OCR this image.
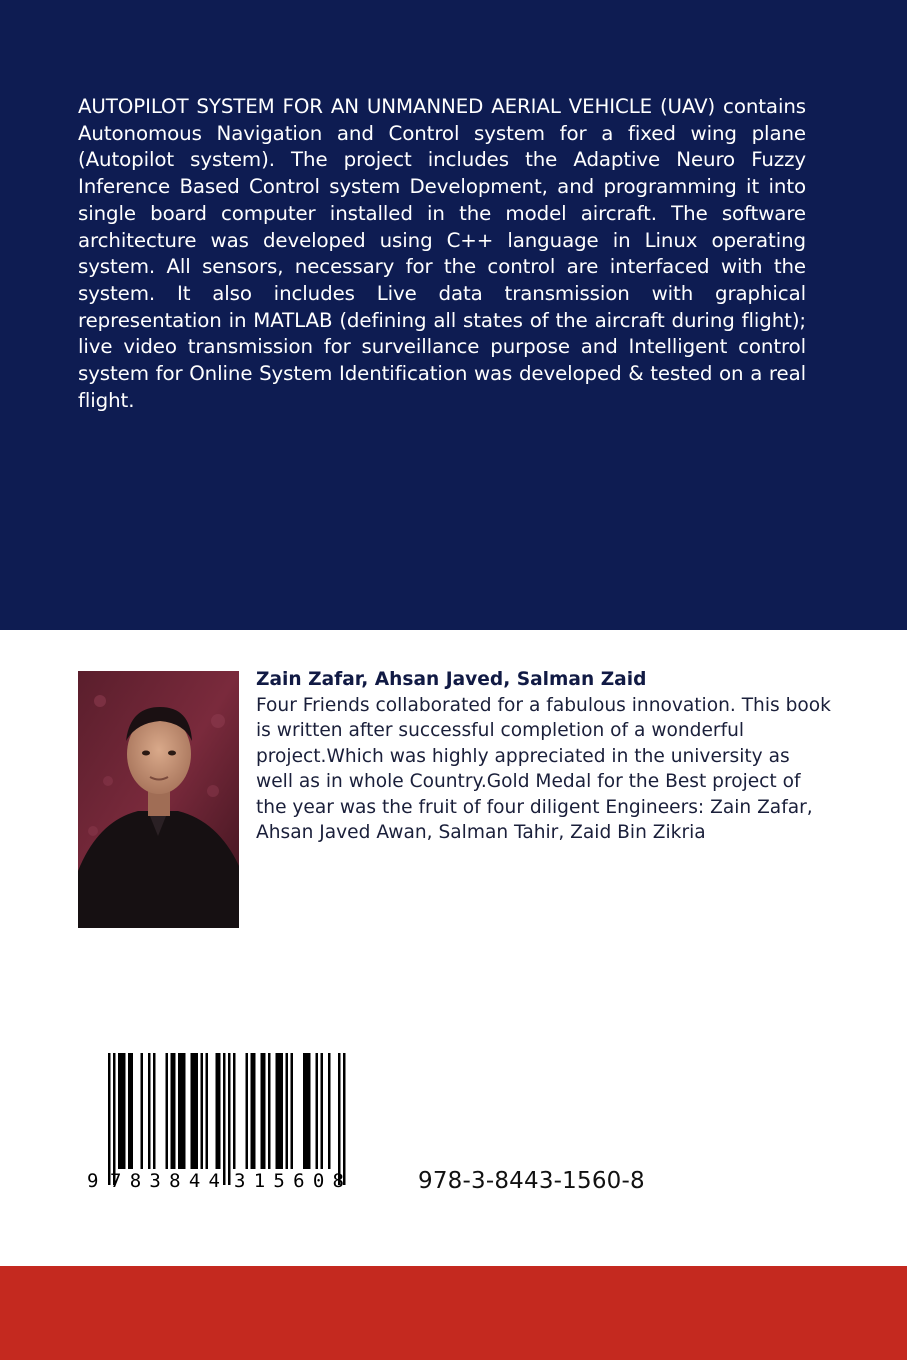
AUTOPILOT SYSTEM FOR AN UNMANNED AERIAL VEHICLE (UAV) contains Autonomous Navigation and Control system for a fixed wing plane (Autopilot system). The project includes the Adaptive Neuro Fuzzy Inference Based Control system Development, and programming it into single board computer installed in the model aircraft. The software architecture was developed using C++ language in Linux operating system. All sensors, necessary for the control are interfaced with the system. It also includes Live data transmission with graphical representation in MATLAB (defining all states of the aircraft during flight); live video transmission for surveillance purpose and Intelligent control system for Online System Identification was developed & tested on a real flight.

Zain Zafar, Ahsan Javed, Salman Zaid

Four Friends collaborated for a fabulous innovation. This book is written after successful completion of a wonderful project.Which was highly appreciated in the university as well as in whole Country.Gold Medal for the Best project of the year was the fruit of four diligent Engineers: Zain Zafar, Ahsan Javed Awan, Salman Tahir, Zaid Bin Zikria

9 783844 315608	978-3-8443-1560-8
